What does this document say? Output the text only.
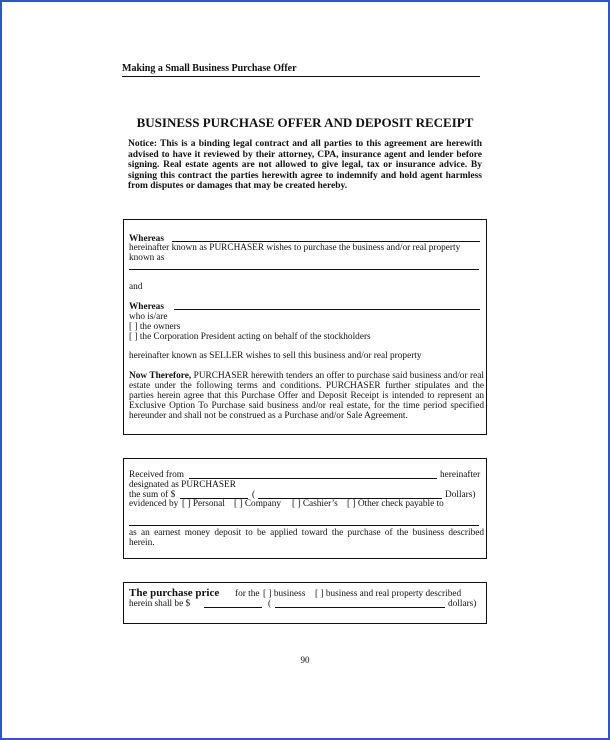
Making a Small Business Purchase Offer
BUSINESS PURCHASE OFFER AND DEPOSIT RECEIPT
Notice: This is a binding legal contract and all parties to this agreement are herewith advised to have it reviewed by their attorney, CPA, insurance agent and lender before signing. Real estate agents are not allowed to give legal, tax or insurance advice. By signing this contract the parties herewith agree to indemnify and hold agent harmless from disputes or damages that may be created hereby.
Whereas
hereinafter known as PURCHASER wishes to purchase the business and/or real property
known as
and
Whereas
who is/are
[ ] the owners
[ ] the Corporation President acting on behalf of the stockholders
hereinafter known as SELLER wishes to sell this business and/or real property
Now Therefore, PURCHASER herewith tenders an offer to purchase said business and/or real estate under the following terms and conditions. PURCHASER further stipulates and the parties herein agree that this Purchase Offer and Deposit Receipt is intended to represent an Exclusive Option To Purchase said business and/or real estate, for the time period specified hereunder and shall not be construed as a Purchase and/or Sale Agreement.
Received from	hereinafter
designated as PURCHASER
the sum of $	(	Dollars)
evidenced by [ ] Personal [ ] Company [ ] Cashier’s [ ] Other check payable to
as an earnest money deposit to be applied toward the purchase of the business described herein.
The purchase price for the [ ] business [ ] business and real property described
herein shall be $	(	dollars)
90
